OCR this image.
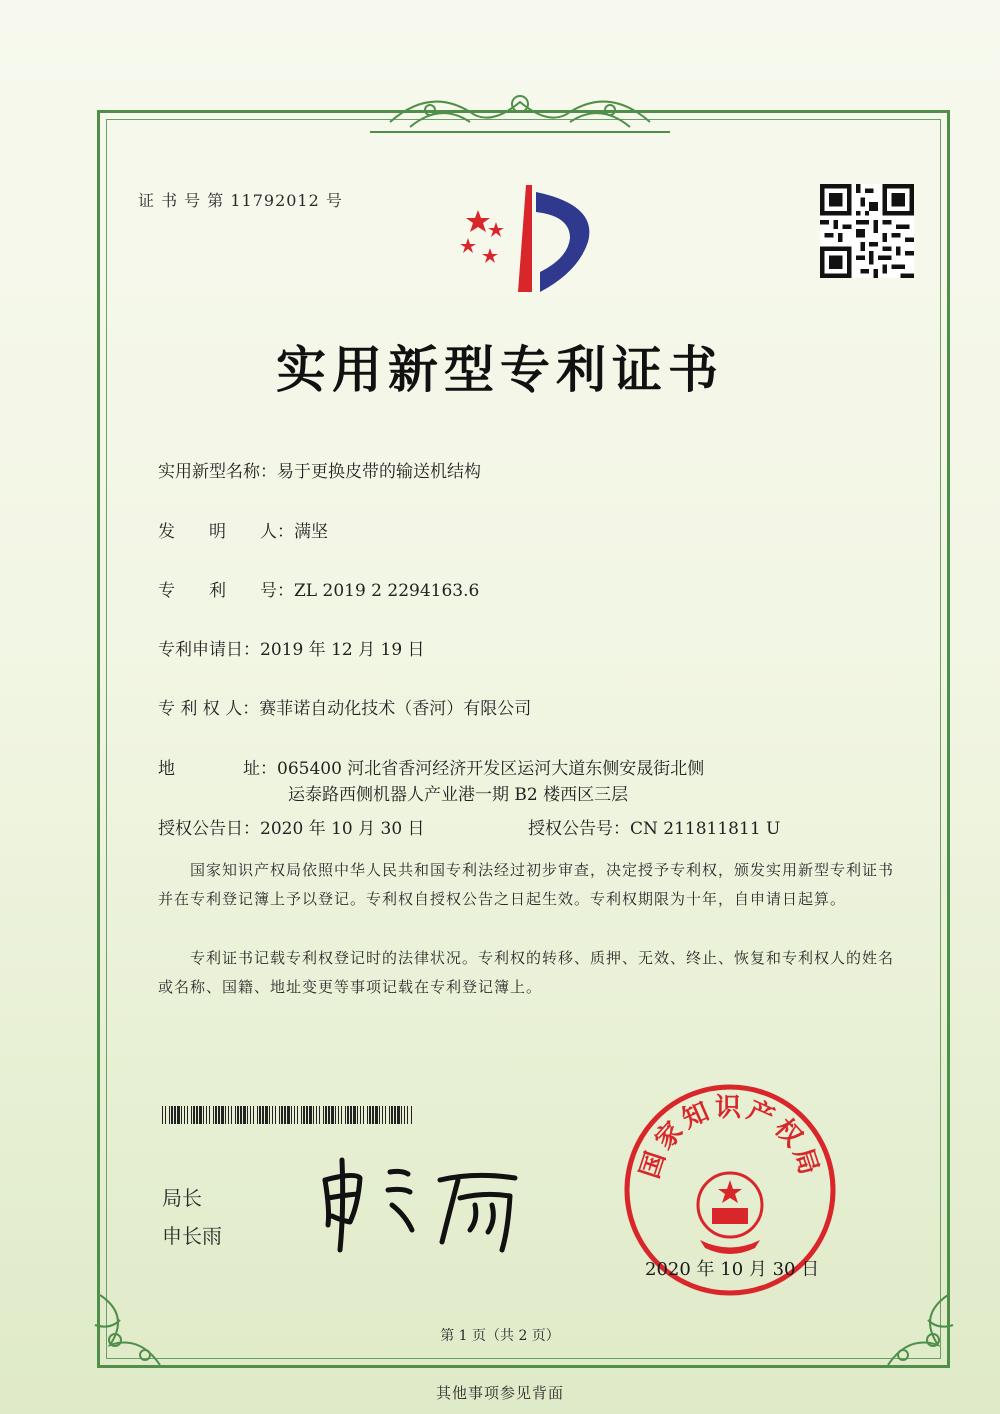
证 书 号 第 11792012 号
实用新型专利证书
实用新型名称：易于更换皮带的输送机结构
发　　明　　人：满坚
专　　利　　号：ZL 2019 2 2294163.6
专利申请日：2019 年 12 月 19 日
专 利 权 人：赛菲诺自动化技术（香河）有限公司
地　　　　址：065400 河北省香河经济开发区运河大道东侧安晟街北侧
运泰路西侧机器人产业港一期 B2 楼西区三层
授权公告日：2020 年 10 月 30 日	授权公告号：CN 211811811 U
　　国家知识产权局依照中华人民共和国专利法经过初步审查，决定授予专利权，颁发实用新型专利证书并在专利登记簿上予以登记。专利权自授权公告之日起生效。专利权期限为十年，自申请日起算。
　　专利证书记载专利权登记时的法律状况。专利权的转移、质押、无效、终止、恢复和专利权人的姓名或名称、国籍、地址变更等事项记载在专利登记簿上。
局长
申长雨
国家知识产权局
2020 年 10 月 30 日
第 1 页（共 2 页）
其他事项参见背面
